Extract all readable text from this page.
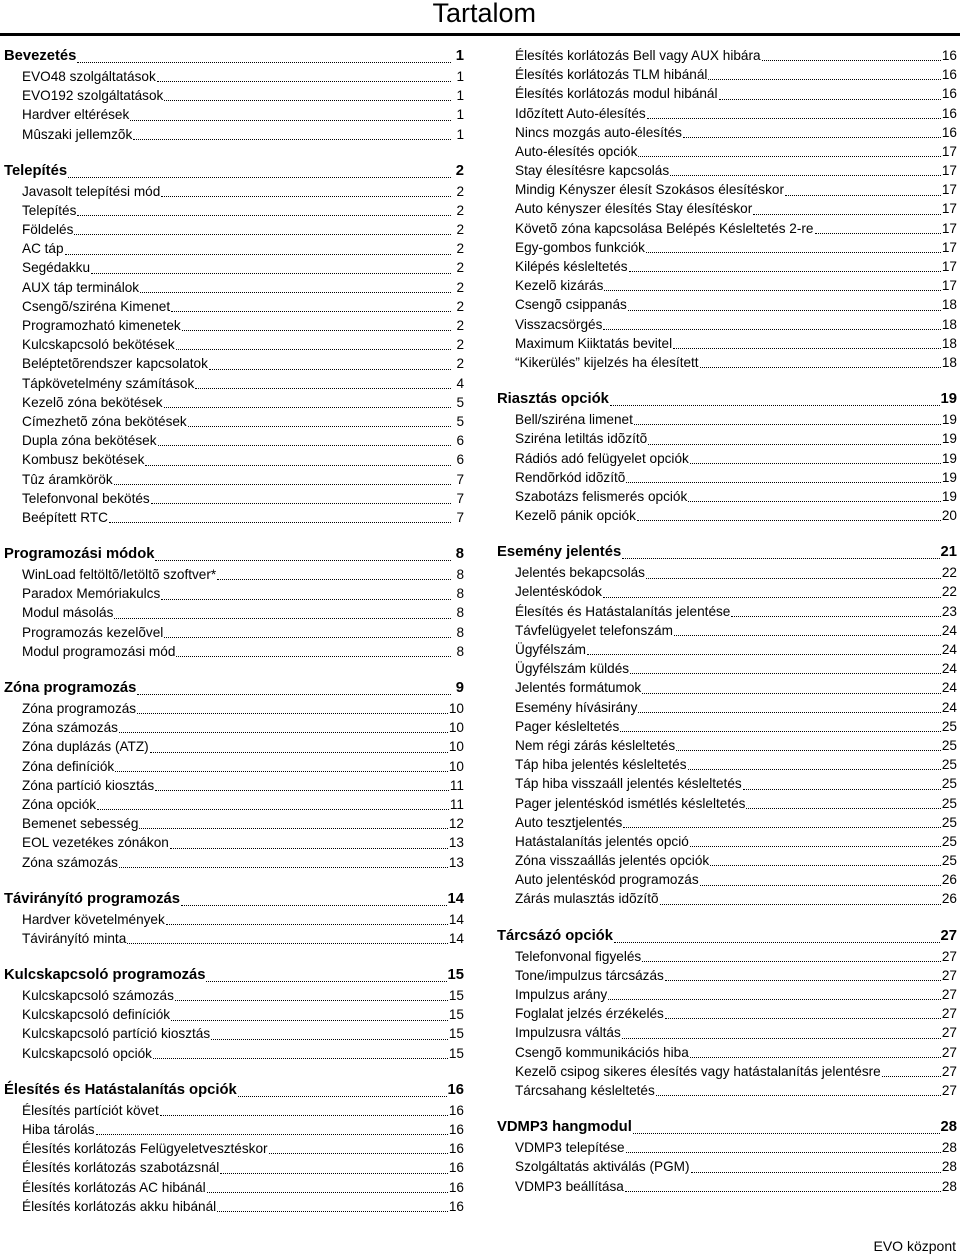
Tartalom
Bevezetés	1
EVO48 szolgáltatások	1
EVO192 szolgáltatások	1
Hardver eltérések	1
Mûszaki jellemzõk	1
Telepítés	2
Javasolt telepítési mód	2
Telepítés	2
Földelés	2
AC táp	2
Segédakku	2
AUX táp terminálok	2
Csengõ/sziréna Kimenet	2
Programozható kimenetek	2
Kulcskapcsoló bekötések	2
Beléptetõrendszer kapcsolatok	2
Tápkövetelmény számítások	4
Kezelõ zóna bekötések	5
Címezhetõ zóna bekötések	5
Dupla zóna bekötések	6
Kombusz bekötések	6
Tûz áramkörök	7
Telefonvonal bekötés	7
Beépített RTC	7
Programozási módok	8
WinLoad feltöltõ/letöltõ szoftver*	8
Paradox Memóriakulcs	8
Modul másolás	8
Programozás kezelõvel	8
Modul programozási mód	8
Zóna programozás	9
Zóna programozás	10
Zóna számozás	10
Zóna duplázás (ATZ)	10
Zóna definíciók	10
Zóna partíció kiosztás	11
Zóna opciók	11
Bemenet sebesség	12
EOL vezetékes zónákon	13
Zóna számozás	13
Távirányító programozás	14
Hardver követelmények	14
Távirányító minta	14
Kulcskapcsoló programozás	15
Kulcskapcsoló számozás	15
Kulcskapcsoló definíciók	15
Kulcskapcsoló partíció kiosztás	15
Kulcskapcsoló opciók	15
Élesítés és Hatástalanítás opciók	16
Élesítés partíciót követ	16
Hiba tárolás	16
Élesítés korlátozás Felügyeletvesztéskor	16
Élesítés korlátozás szabotázsnál	16
Élesítés korlátozás AC hibánál	16
Élesítés korlátozás akku hibánál	16
Élesítés korlátozás Bell vagy AUX hibára	16
Élesítés korlátozás TLM hibánál	16
Élesítés korlátozás modul hibánál	16
Idõzített Auto-élesítés	16
Nincs mozgás auto-élesítés	16
Auto-élesítés opciók	17
Stay élesítésre kapcsolás	17
Mindig Kényszer élesít Szokásos élesítéskor	17
Auto kényszer élesítés Stay élesítéskor	17
Követõ zóna kapcsolása Belépés Késleltetés 2-re	17
Egy-gombos funkciók	17
Kilépés késleltetés	17
Kezelõ kizárás	17
Csengõ csippanás	18
Visszacsörgés	18
Maximum Kiiktatás bevitel	18
“Kikerülés” kijelzés ha élesített	18
Riasztás opciók	19
Bell/sziréna limenet	19
Sziréna letiltás idõzítõ	19
Rádiós adó felügyelet opciók	19
Rendõrkód idõzítõ	19
Szabotázs felismerés opciók	19
Kezelõ pánik opciók	20
Esemény jelentés	21
Jelentés bekapcsolás	22
Jelentéskódok	22
Élesítés és Hatástalanítás jelentése	23
Távfelügyelet telefonszám	24
Ügyfélszám	24
Ügyfélszám küldés	24
Jelentés formátumok	24
Esemény hívásirány	24
Pager késleltetés	25
Nem régi zárás késleltetés	25
Táp hiba jelentés késleltetés	25
Táp hiba visszaáll jelentés késleltetés	25
Pager jelentéskód ismétlés késleltetés	25
Auto tesztjelentés	25
Hatástalanítás jelentés opció	25
Zóna visszaállás jelentés opciók	25
Auto jelentéskód programozás	26
Zárás mulasztás idõzítõ	26
Tárcsázó opciók	27
Telefonvonal figyelés	27
Tone/impulzus tárcsázás	27
Impulzus arány	27
Foglalat jelzés érzékelés	27
Impulzusra váltás	27
Csengõ kommunikációs hiba	27
Kezelõ csipog sikeres élesítés vagy hatástalanítás jelentésre	27
Tárcsahang késleltetés	27
VDMP3 hangmodul	28
VDMP3 telepítése	28
Szolgáltatás aktiválás (PGM)	28
VDMP3 beállítása	28
EVO központ
